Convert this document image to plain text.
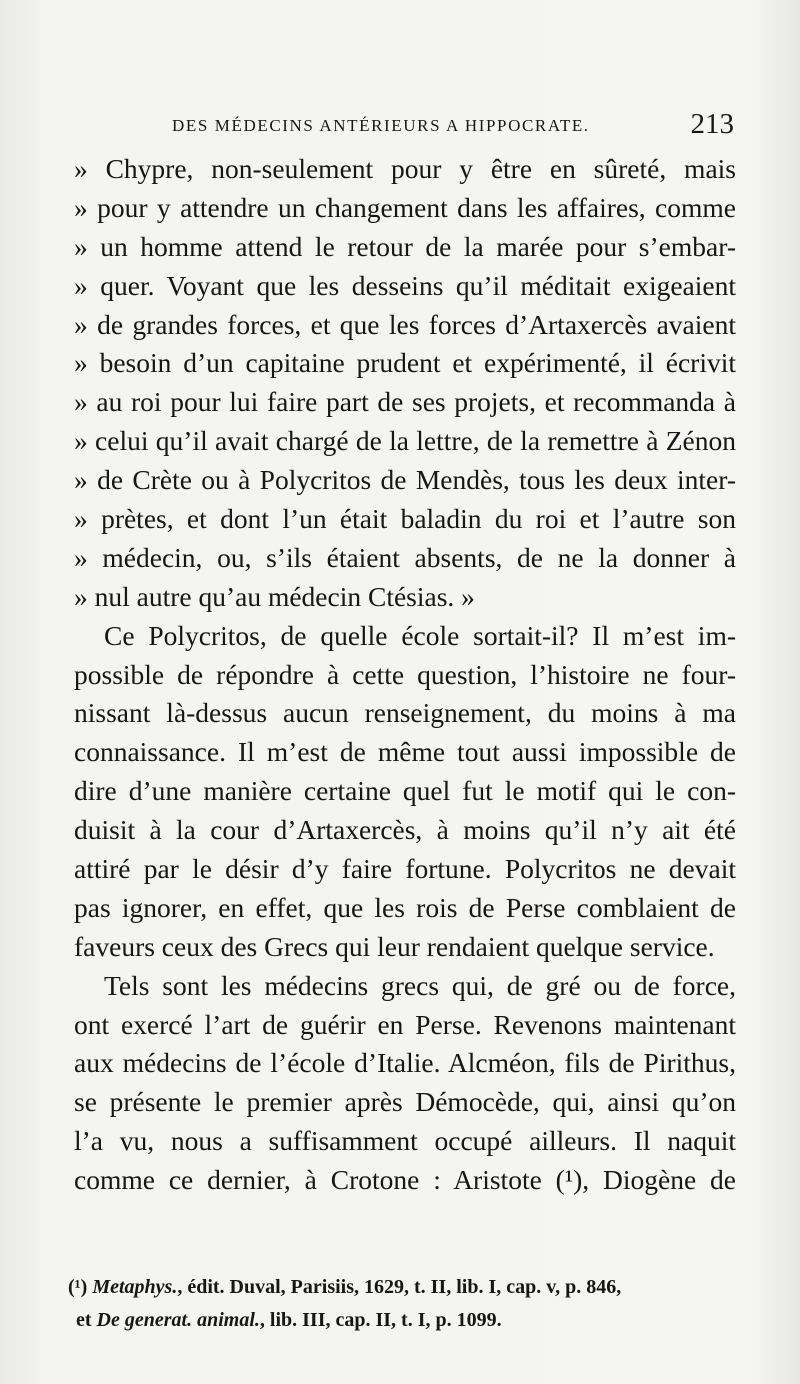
DES MÉDECINS ANTÉRIEURS A HIPPOCRATE.	213
» Chypre, non-seulement pour y être en sûreté, mais
» pour y attendre un changement dans les affaires, comme
» un homme attend le retour de la marée pour s’embar-
» quer. Voyant que les desseins qu’il méditait exigeaient
» de grandes forces, et que les forces d’Artaxercès avaient
» besoin d’un capitaine prudent et expérimenté, il écrivit
» au roi pour lui faire part de ses projets, et recommanda à
» celui qu’il avait chargé de la lettre, de la remettre à Zénon
» de Crète ou à Polycritos de Mendès, tous les deux inter-
» prètes, et dont l’un était baladin du roi et l’autre son
» médecin, ou, s’ils étaient absents, de ne la donner à
» nul autre qu’au médecin Ctésias. »
Ce Polycritos, de quelle école sortait-il? Il m’est im-
possible de répondre à cette question, l’histoire ne four-
nissant là-dessus aucun renseignement, du moins à ma
connaissance. Il m’est de même tout aussi impossible de
dire d’une manière certaine quel fut le motif qui le con-
duisit à la cour d’Artaxercès, à moins qu’il n’y ait été
attiré par le désir d’y faire fortune. Polycritos ne devait
pas ignorer, en effet, que les rois de Perse comblaient de
faveurs ceux des Grecs qui leur rendaient quelque service.
Tels sont les médecins grecs qui, de gré ou de force,
ont exercé l’art de guérir en Perse. Revenons maintenant
aux médecins de l’école d’Italie. Alcméon, fils de Pirithus,
se présente le premier après Démocède, qui, ainsi qu’on
l’a vu, nous a suffisamment occupé ailleurs. Il naquit
comme ce dernier, à Crotone : Aristote (¹), Diogène de
(¹) Metaphys., édit. Duval, Parisiis, 1629, t. II, lib. I, cap. v, p. 846,
et De generat. animal., lib. III, cap. II, t. I, p. 1099.
